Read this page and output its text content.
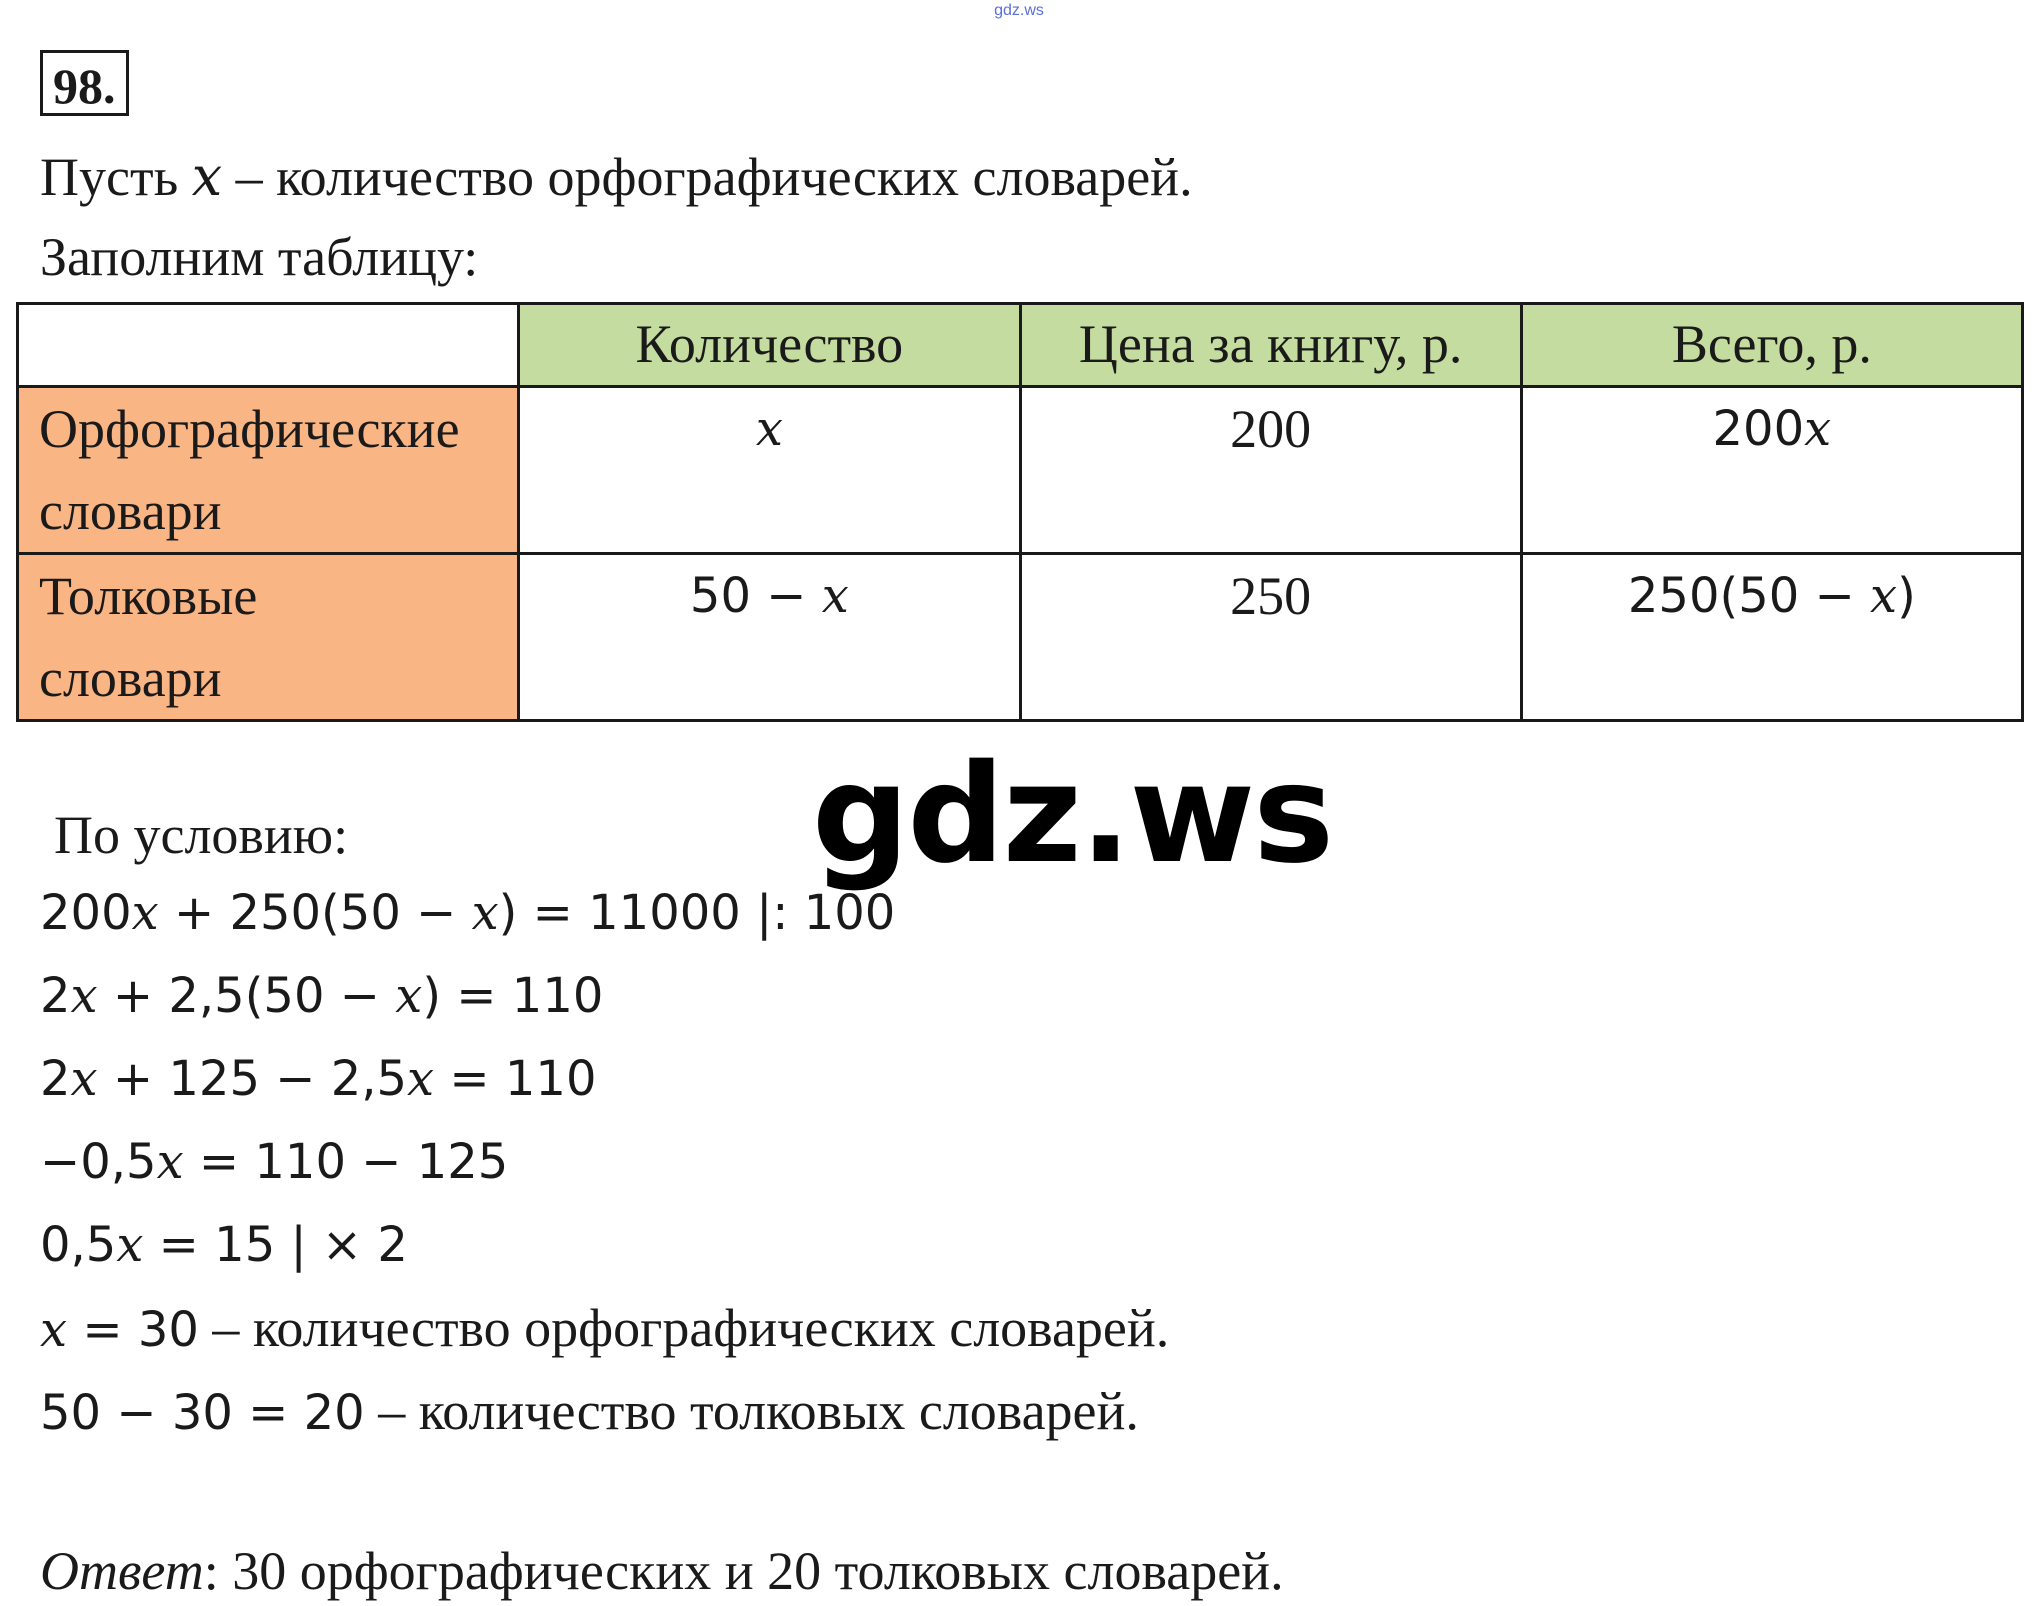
gdz.ws
98.
Пусть x – количество орфографических словарей.
Заполним таблицу:
	Количество	Цена за книгу, р.	Всего, р.
Орфографические
словари	x	200	200x
Толковые
словари	50 − x	250	250(50 − x)
gdz.ws
По условию:
200x + 250(50 − x) = 11000 |: 100
2x + 2,5(50 − x) = 110
2x + 125 − 2,5x = 110
−0,5x = 110 − 125
0,5x = 15 | × 2
x = 30 – количество орфографических словарей.
50 − 30 = 20 – количество толковых словарей.
Ответ: 30 орфографических и 20 толковых словарей.
